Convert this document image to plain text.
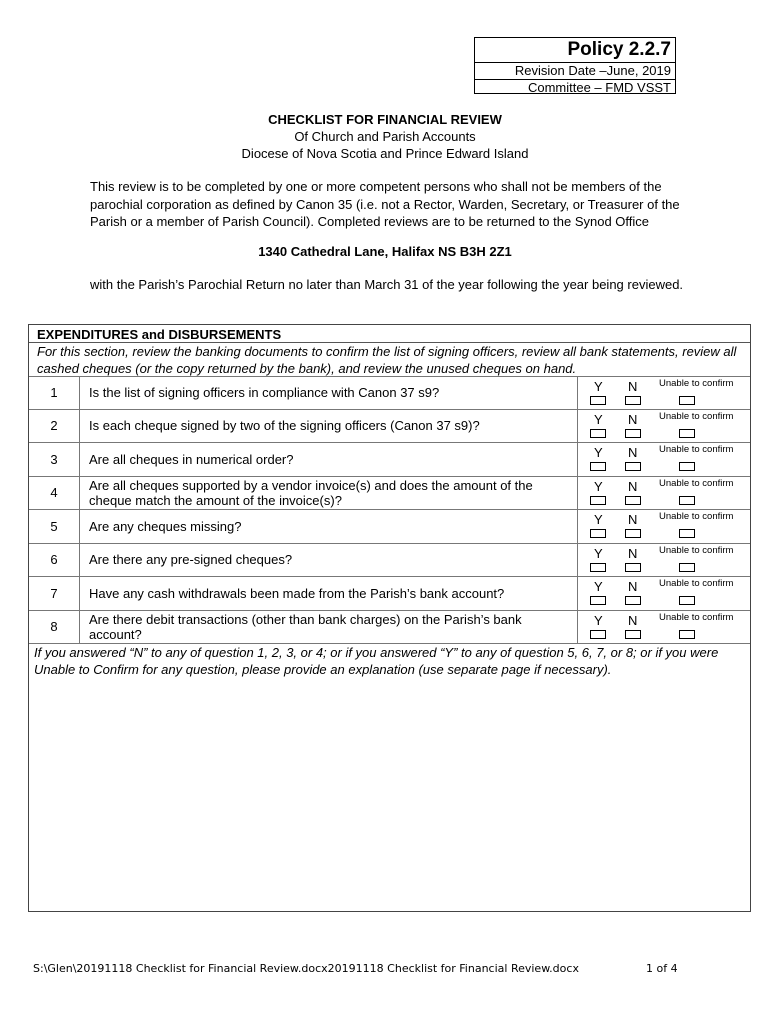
Policy 2.2.7
Revision Date –June, 2019
Committee – FMD VSST
CHECKLIST FOR FINANCIAL REVIEW
Of Church and Parish Accounts
Diocese of Nova Scotia and Prince Edward Island
This review is to be completed by one or more competent persons who shall not be members of the parochial corporation as defined by Canon 35 (i.e. not a Rector, Warden, Secretary, or Treasurer of the Parish or a member of Parish Council). Completed reviews are to be returned to the Synod Office
1340 Cathedral Lane, Halifax NS B3H 2Z1
with the Parish’s Parochial Return no later than March 31 of the year following the year being reviewed.
EXPENDITURES and DISBURSEMENTS
For this section, review the banking documents to confirm the list of signing officers, review all bank statements, review all cashed cheques (or the copy returned by the bank), and review the unused cheques on hand.
1	Is the list of signing officers in compliance with Canon 37 s9?	Y N Unable to confirm
2	Is each cheque signed by two of the signing officers (Canon 37 s9)?	Y N Unable to confirm
3	Are all cheques in numerical order?	Y N Unable to confirm
4	Are all cheques supported by a vendor invoice(s) and does the amount of the cheque match the amount of the invoice(s)?
Y N Unable to confirm
5	Are any cheques missing?	Y N Unable to confirm
6	Are there any pre-signed cheques?	Y N Unable to confirm
7	Have any cash withdrawals been made from the Parish’s bank account?	Y N Unable to confirm
8	Are there debit transactions (other than bank charges) on the Parish’s bank account?
Y N Unable to confirm
If you answered “N” to any of question 1, 2, 3, or 4; or if you answered “Y” to any of question 5, 6, 7, or 8; or if you were Unable to Confirm for any question, please provide an explanation (use separate page if necessary).
S:\Glen\20191118 Checklist for Financial Review.docx20191118 Checklist for Financial Review.docx	1 of 4
